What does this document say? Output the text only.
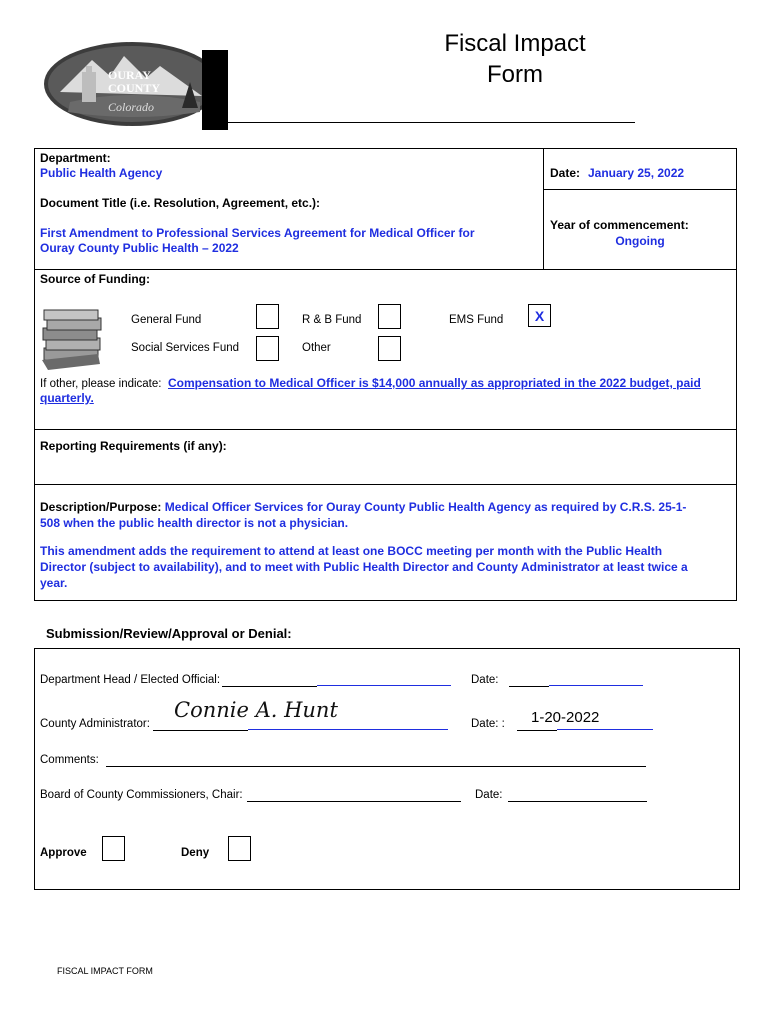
OURAY
COUNTY
Colorado
Fiscal Impact
Form
Department:
Public Health Agency	Date: January 25, 2022
Document Title (i.e. Resolution, Agreement, etc.):
First Amendment to Professional Services Agreement for Medical Officer for
Ouray County Public Health – 2022
Year of commencement:
Ongoing
Source of Funding:
General Fund	R & B Fund	EMS Fund	X
Social Services Fund	Other
If other, please indicate: Compensation to Medical Officer is $14,000 annually as appropriated in the 2022 budget, paid
quarterly.
Reporting Requirements (if any):
Description/Purpose: Medical Officer Services for Ouray County Public Health Agency as required by C.R.S. 25-1-
508 when the public health director is not a physician.
This amendment adds the requirement to attend at least one BOCC meeting per month with the Public Health
Director (subject to availability), and to meet with Public Health Director and County Administrator at least twice a
year.
Submission/Review/Approval or Denial:
Department Head / Elected Official:	Date:
County Administrator:
Connie A. Hunt
Date: : 1-20-2022
Comments:
Board of County Commissioners, Chair:	Date:
Approve	Deny
FISCAL IMPACT FORM
